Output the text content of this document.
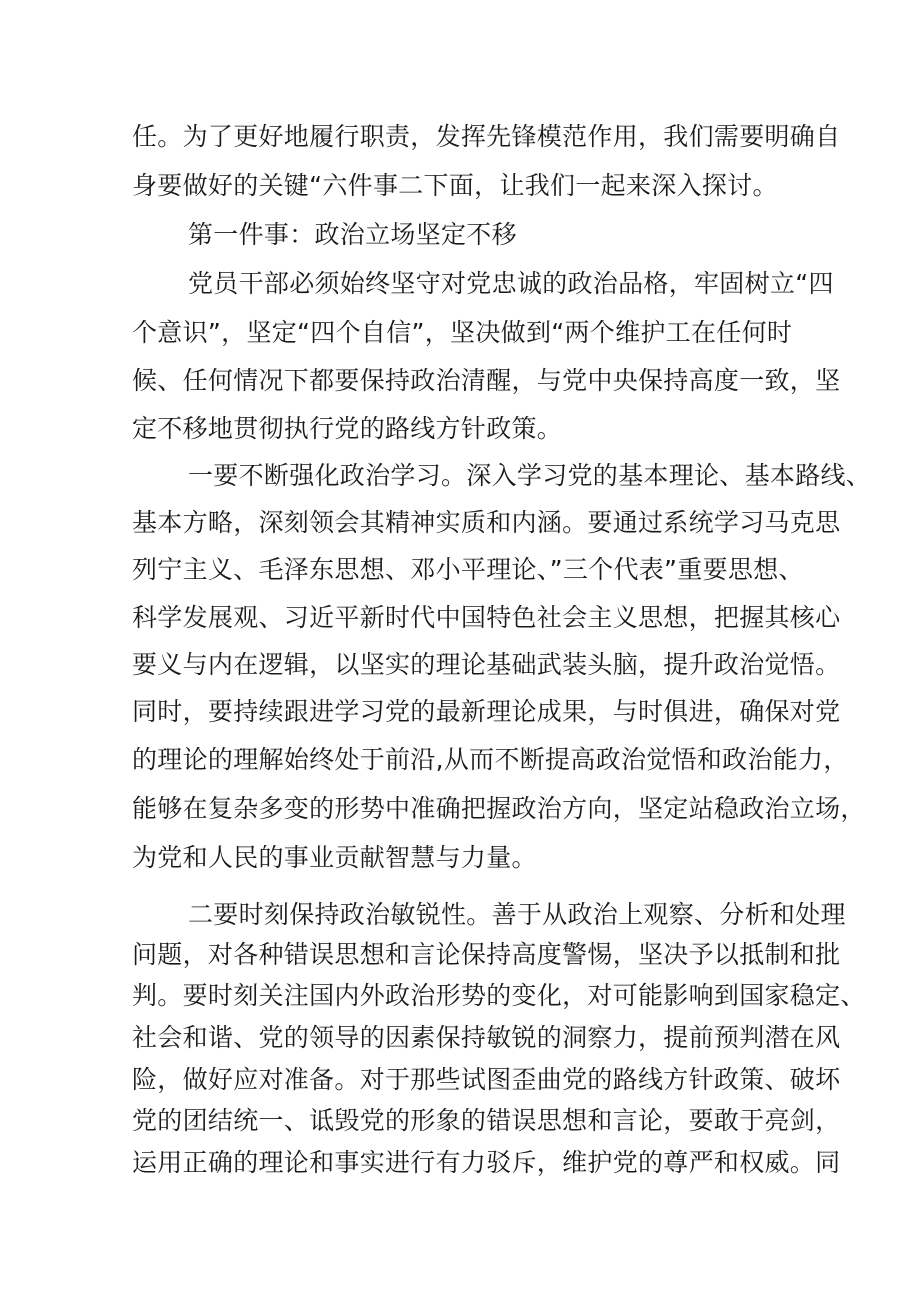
任。为了更好地履行职责，发挥先锋模范作用，我们需要明确自
身要做好的关键“六件事二下面，让我们一起来深入探讨。
第一件事：政治立场坚定不移
党员干部必须始终坚守对党忠诚的政治品格，牢固树立“四
个意识”，坚定“四个自信”，坚决做到“两个维护工在任何时
候、任何情况下都要保持政治清醒，与党中央保持高度一致，坚
定不移地贯彻执行党的路线方针政策。
一要不断强化政治学习。深入学习党的基本理论、基本路线、
基本方略，深刻领会其精神实质和内涵。要通过系统学习马克思
列宁主义、毛泽东思想、邓小平理论、”三个代表”重要思想、
科学发展观、习近平新时代中国特色社会主义思想，把握其核心
要义与内在逻辑，以坚实的理论基础武装头脑，提升政治觉悟。
同时，要持续跟进学习党的最新理论成果，与时俱进，确保对党
的理论的理解始终处于前沿,从而不断提高政治觉悟和政治能力，
能够在复杂多变的形势中准确把握政治方向，坚定站稳政治立场，
为党和人民的事业贡献智慧与力量。
二要时刻保持政治敏锐性。善于从政治上观察、分析和处理
问题，对各种错误思想和言论保持高度警惕，坚决予以抵制和批
判。要时刻关注国内外政治形势的变化，对可能影响到国家稳定、
社会和谐、党的领导的因素保持敏锐的洞察力，提前预判潜在风
险，做好应对准备。对于那些试图歪曲党的路线方针政策、破坏
党的团结统一、诋毁党的形象的错误思想和言论，要敢于亮剑，
运用正确的理论和事实进行有力驳斥，维护党的尊严和权威。同
